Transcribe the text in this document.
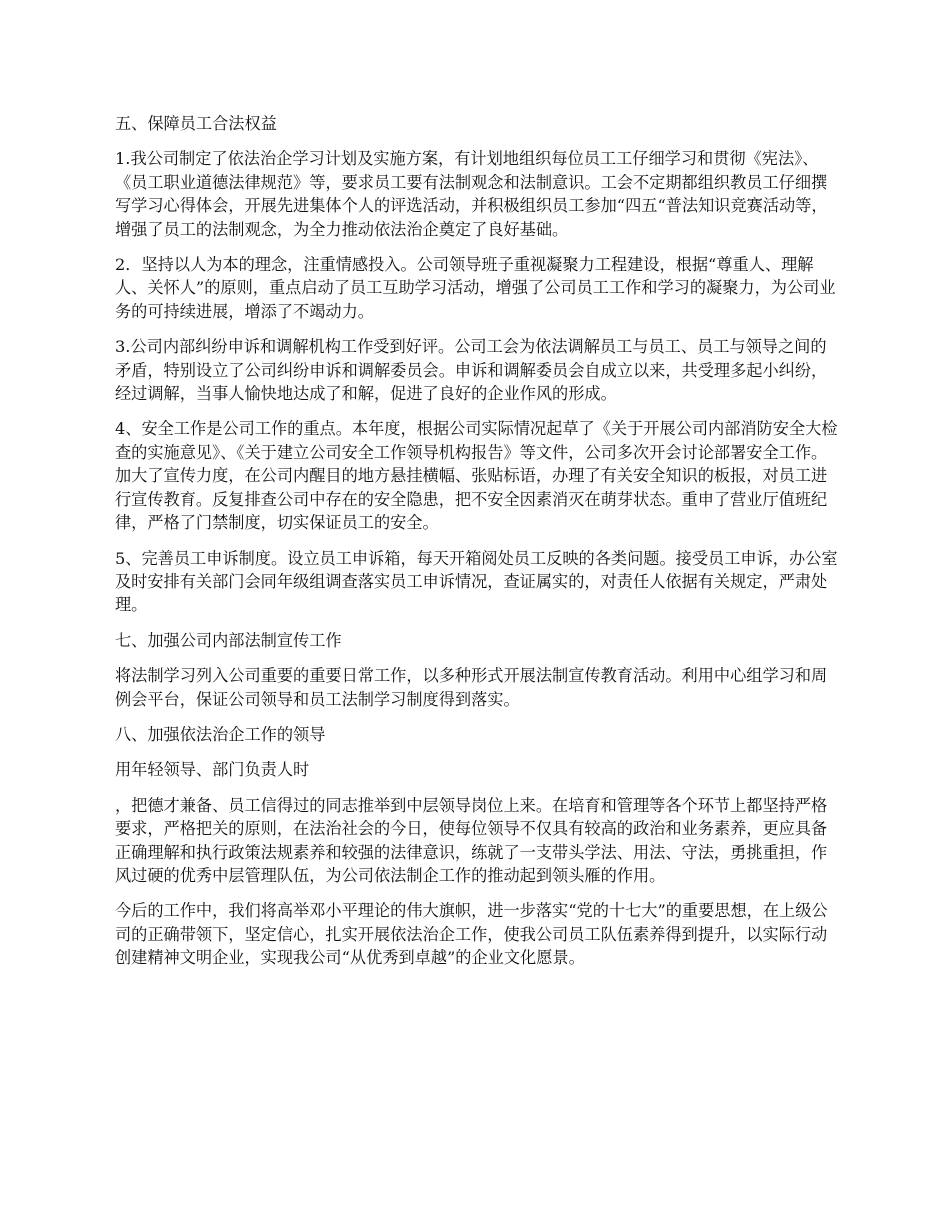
五、保障员工合法权益

1.我公司制定了依法治企学习计划及实施方案，有计划地组织每位员工工仔细学习和贯彻《宪法》、《员工职业道德法律规范》等，要求员工要有法制观念和法制意识。工会不定期都组织教员工仔细撰写学习心得体会，开展先进集体个人的评选活动，并积极组织员工参加“四五“普法知识竞赛活动等，增强了员工的法制观念，为全力推动依法治企奠定了良好基础。

2．坚持以人为本的理念，注重情感投入。公司领导班子重视凝聚力工程建设，根据“尊重人、理解人、关怀人”的原则，重点启动了员工互助学习活动，增强了公司员工工作和学习的凝聚力，为公司业务的可持续进展，增添了不竭动力。

3.公司内部纠纷申诉和调解机构工作受到好评。公司工会为依法调解员工与员工、员工与领导之间的矛盾，特别设立了公司纠纷申诉和调解委员会。申诉和调解委员会自成立以来，共受理多起小纠纷，经过调解，当事人愉快地达成了和解，促进了良好的企业作风的形成。

4、安全工作是公司工作的重点。本年度，根据公司实际情况起草了《关于开展公司内部消防安全大检查的实施意见》、《关于建立公司安全工作领导机构报告》等文件，公司多次开会讨论部署安全工作。加大了宣传力度，在公司内醒目的地方悬挂横幅、张贴标语，办理了有关安全知识的板报，对员工进行宣传教育。反复排查公司中存在的安全隐患，把不安全因素消灭在萌芽状态。重申了营业厅值班纪律，严格了门禁制度，切实保证员工的安全。

5、完善员工申诉制度。设立员工申诉箱，每天开箱阅处员工反映的各类问题。接受员工申诉，办公室及时安排有关部门会同年级组调查落实员工申诉情况，查证属实的，对责任人依据有关规定，严肃处理。

七、加强公司内部法制宣传工作

将法制学习列入公司重要的重要日常工作，以多种形式开展法制宣传教育活动。利用中心组学习和周例会平台，保证公司领导和员工法制学习制度得到落实。

八、加强依法治企工作的领导

用年轻领导、部门负责人时

，把德才兼备、员工信得过的同志推举到中层领导岗位上来。在培育和管理等各个环节上都坚持严格要求，严格把关的原则，在法治社会的今日，使每位领导不仅具有较高的政治和业务素养，更应具备正确理解和执行政策法规素养和较强的法律意识，练就了一支带头学法、用法、守法，勇挑重担，作风过硬的优秀中层管理队伍，为公司依法制企工作的推动起到领头雁的作用。

今后的工作中，我们将高举邓小平理论的伟大旗帜，进一步落实“党的十七大”的重要思想，在上级公司的正确带领下，坚定信心，扎实开展依法治企工作，使我公司员工队伍素养得到提升，以实际行动创建精神文明企业，实现我公司“从优秀到卓越”的企业文化愿景。
